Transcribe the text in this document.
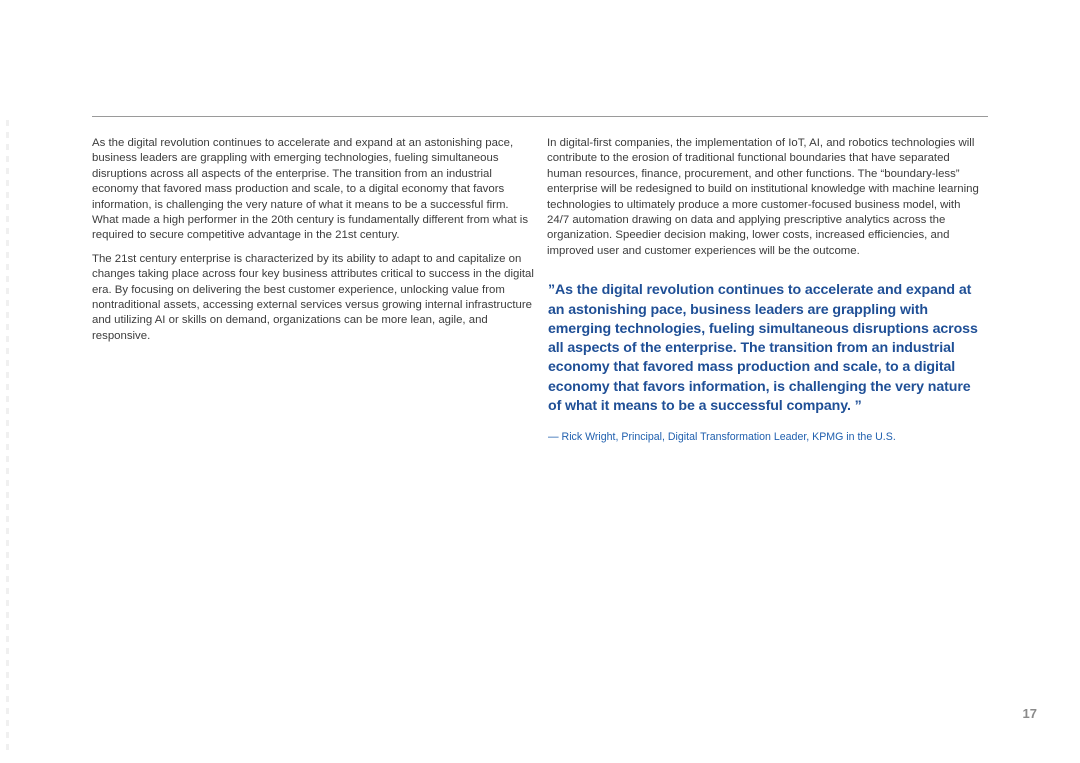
As the digital revolution continues to accelerate and expand at an astonishing pace, business leaders are grappling with emerging technologies, fueling simultaneous disruptions across all aspects of the enterprise. The transition from an industrial economy that favored mass production and scale, to a digital economy that favors information, is challenging the very nature of what it means to be a successful firm. What made a high performer in the 20th century is fundamentally different from what is required to secure competitive advantage in the 21st century.

The 21st century enterprise is characterized by its ability to adapt to and capitalize on changes taking place across four key business attributes critical to success in the digital era. By focusing on delivering the best customer experience, unlocking value from nontraditional assets, accessing external services versus growing internal infrastructure and utilizing AI or skills on demand, organizations can be more lean, agile, and responsive.

In digital-first companies, the implementation of IoT, AI, and robotics technologies will contribute to the erosion of traditional functional boundaries that have separated human resources, finance, procurement, and other functions. The “boundary-less” enterprise will be redesigned to build on institutional knowledge with machine learning technologies to ultimately produce a more customer-focused business model, with 24/7 automation drawing on data and applying prescriptive analytics across the organization. Speedier decision making, lower costs, increased efficiencies, and improved user and customer experiences will be the outcome.

”As the digital revolution continues to accelerate and expand at an astonishing pace, business leaders are grappling with emerging technologies, fueling simultaneous disruptions across all aspects of the enterprise. The transition from an industrial economy that favored mass production and scale, to a digital economy that favors information, is challenging the very nature of what it means to be a successful company. ”

— Rick Wright, Principal, Digital Transformation Leader, KPMG in the U.S.

17
